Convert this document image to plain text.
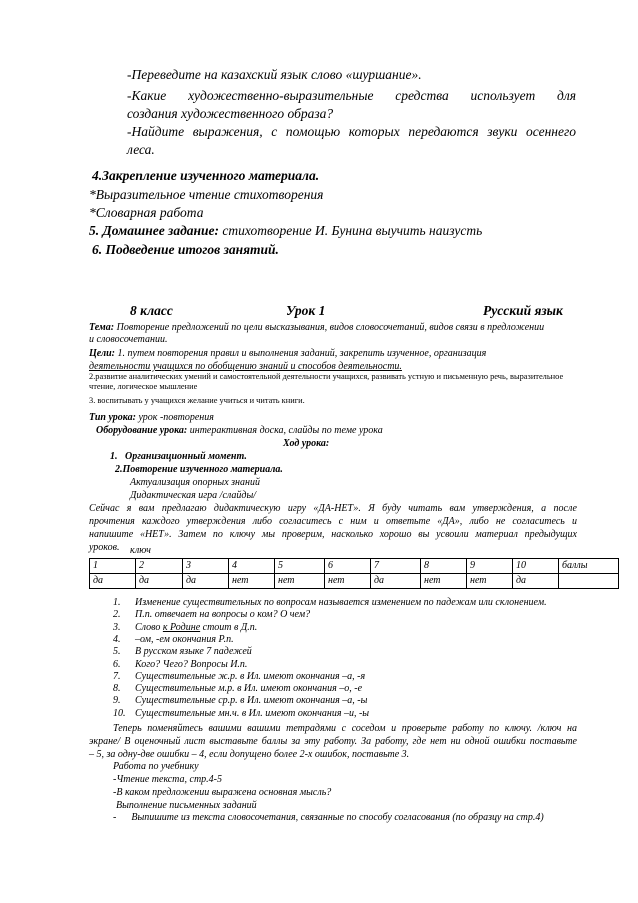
-Переведите на казахский язык слово «шуршание».
-Какие художественно-выразительные средства использует для
создания художественного образа?
-Найдите выражения, с помощью которых передаются звуки осеннего
леса.
4.Закрепление изученного материала.
*Выразительное чтение стихотворения
*Словарная работа
5. Домашнее задание: стихотворение И. Бунина выучить наизусть
6. Подведение итогов занятий.
8 класс	Урок 1	Русский язык
Тема: Повторение предложений по цели высказывания, видов словосочетаний, видов связи в предложении
и словосочетании.
Цели: 1. путем повторения правил и выполнения заданий, закрепить изученное, организация
деятельности учащихся по обобщению знаний и способов деятельности.
2.развитие аналитических умений и самостоятельной деятельности учащихся, развивать устную и письменную речь, выразительное
чтение, логическое мышление
3. воспитывать у учащихся желание учиться и читать книги.
Тип урока: урок -повторения
Оборудование урока: интерактивная доска, слайды по теме урока
Ход урока:
1. Организационный момент.
2.Повторение изученного материала.
Актуализация опорных знаний
Дидактическая игра /слайды/
Сейчас я вам предлагаю дидактическую игру «ДА-НЕТ». Я буду читать вам утверждения, а после
прочтения каждого утверждения либо согласитесь с ним и ответьте «ДА», либо не согласитесь и
напишите «НЕТ». Затем по ключу мы проверим, насколько хорошо вы усвоили материал предыдущих
уроков. ключ
1	2	3	4	5	6	7	8	9	10	баллы
да	да	да	нет	нет	нет	да	нет	нет	да	
1. Изменение существительных по вопросам называется изменением по падежам или склонением.
2. П.п. отвечает на вопросы о ком? О чем?
3. Слово к Родине стоит в Д.п.
4. –ом, -ем окончания Р.п.
5. В русском языке 7 падежей
6. Кого? Чего? Вопросы И.п.
7. Существительные ж.р. в Ил. имеют окончания –а, -я
8. Существительные м.р. в Ил. имеют окончания –о, -е
9. Существительные ср.р. в Ил. имеют окончания –а, -ы
10. Существительные мн.ч. в Ил. имеют окончания –и, -ы
Теперь поменяйтесь вашими вашими тетрадями с соседом и проверьте работу по ключу. /ключ на
экране/ В оценочный лист выставьте баллы за эту работу. За работу, где нет ни одной ошибки поставьте
– 5, за одну-две ошибки – 4, если допущено более 2-х ошибок, поставьте 3.
Работа по учебнику
-Чтение текста, стр.4-5
-В каком предложении выражена основная мысль?
Выполнение письменных заданий
- Выпишите из текста словосочетания, связанные по способу согласования (по образцу на стр.4)
